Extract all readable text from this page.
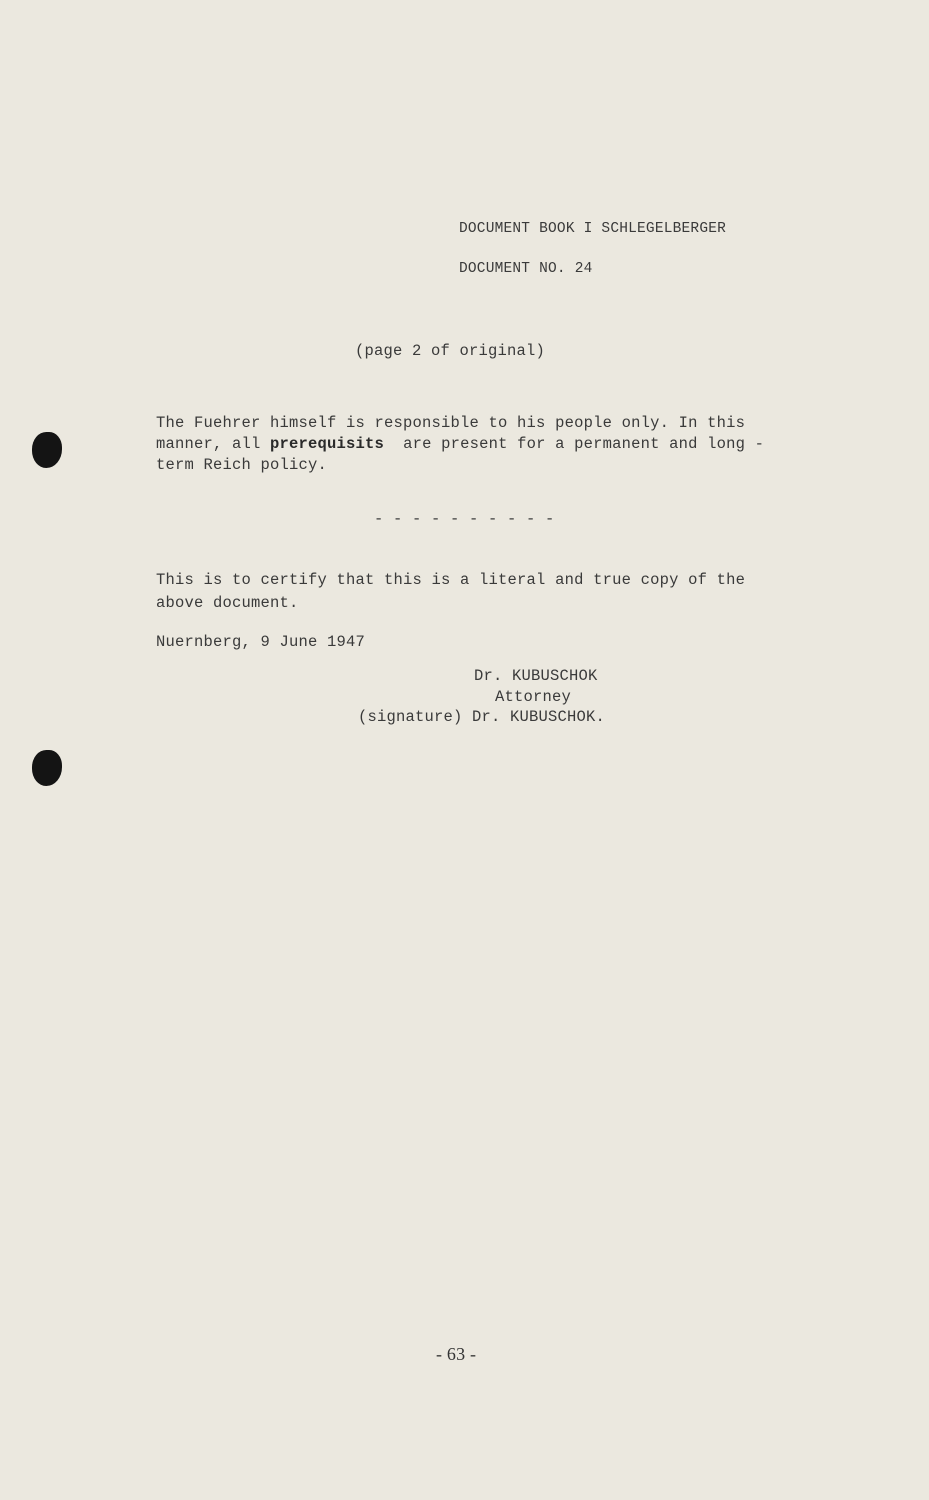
DOCUMENT BOOK I SCHLEGELBERGER
DOCUMENT NO. 24
(page 2 of original)
The Fuehrer himself is responsible to his people only. In this
manner, all prerequisits  are present for a permanent and long -
term Reich policy.
- - - - - - - - - -
This is to certify that this is a literal and true copy of the
above document.
Nuernberg, 9 June 1947
Dr. KUBUSCHOK
Attorney
(signature) Dr. KUBUSCHOK.
- 63 -
